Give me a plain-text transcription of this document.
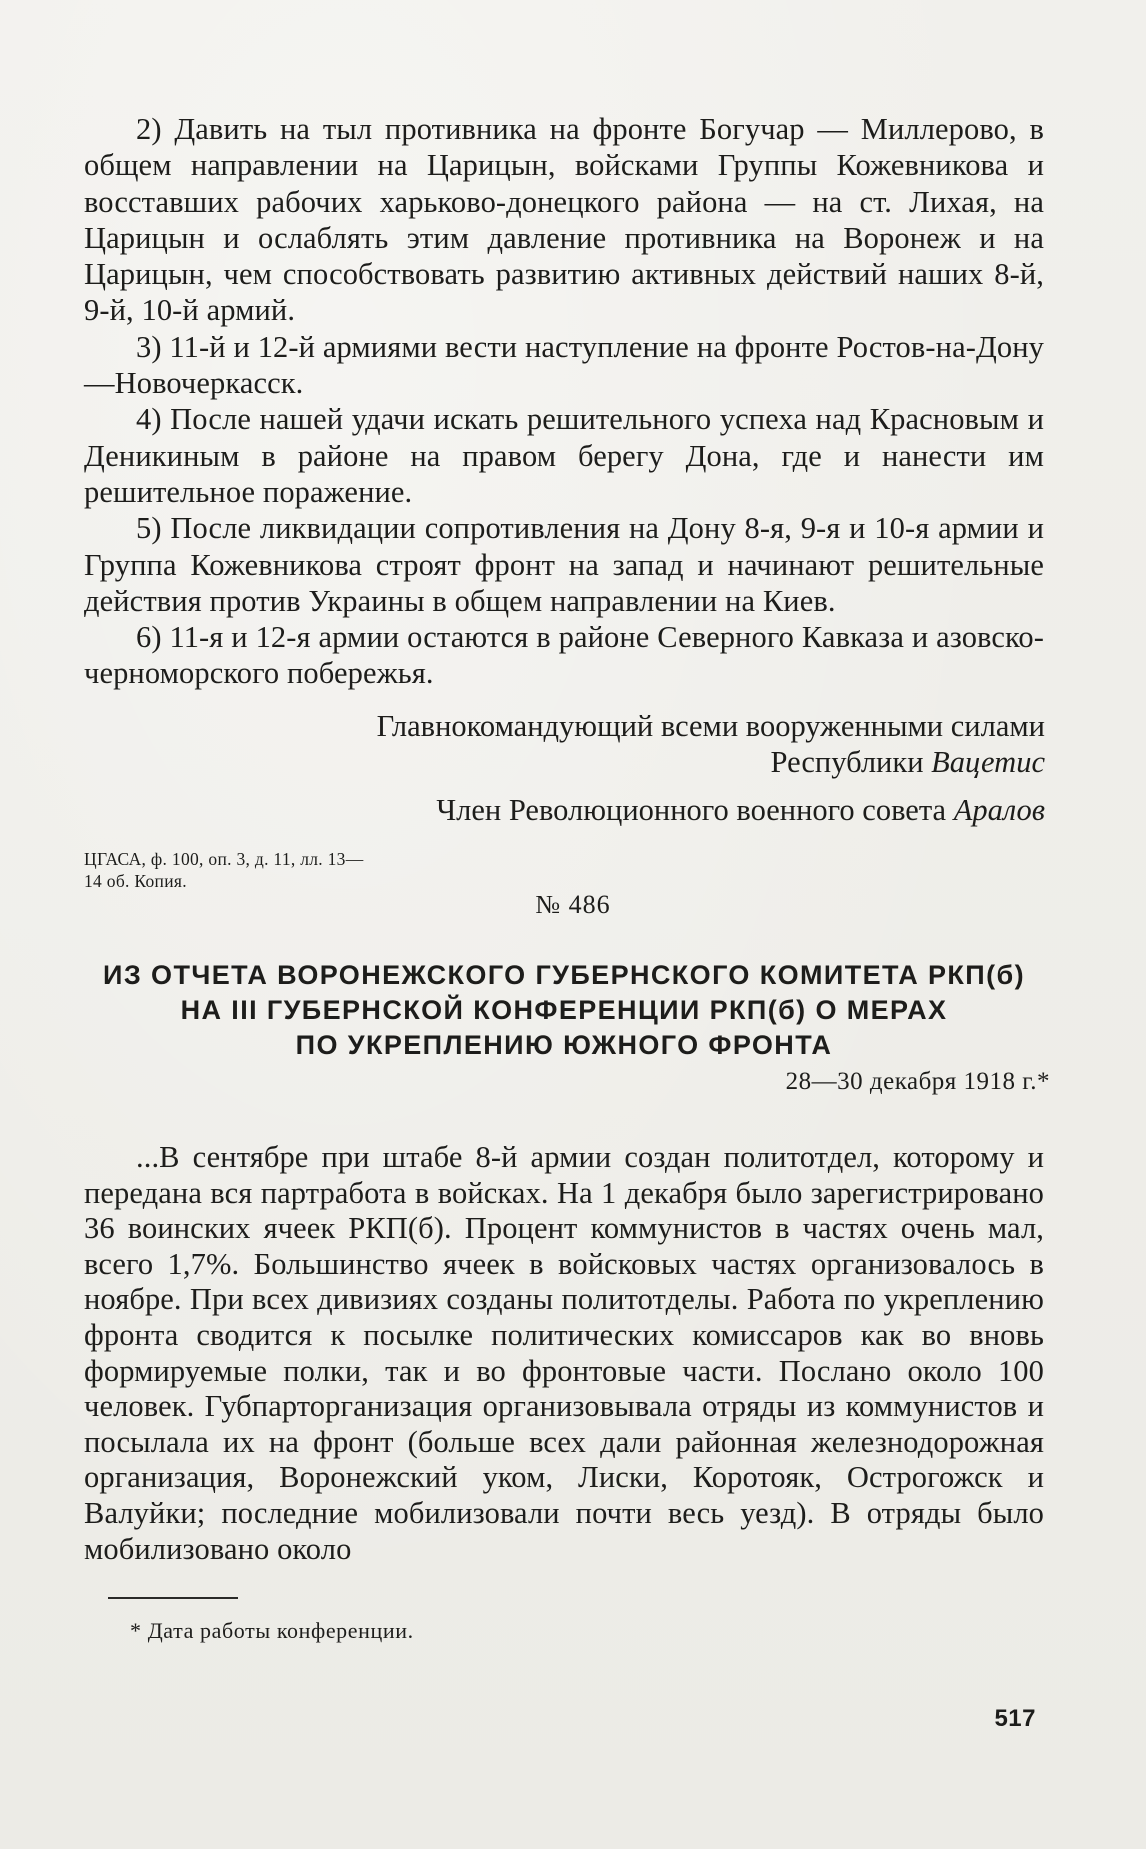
2) Давить на тыл противника на фронте Богучар — Миллерово, в общем направлении на Царицын, войсками Группы Кожевникова и восставших рабочих харьково-донецкого района — на ст. Лихая, на Царицын и ослаблять этим давление противника на Воронеж и на Царицын, чем способствовать развитию активных действий наших 8-й, 9-й, 10-й армий.

3) 11-й и 12-й армиями вести наступление на фронте Ростов-на-Дону—Новочеркасск.

4) После нашей удачи искать решительного успеха над Красновым и Деникиным в районе на правом берегу Дона, где и нанести им решительное поражение.

5) После ликвидации сопротивления на Дону 8-я, 9-я и 10-я армии и Группа Кожевникова строят фронт на запад и начинают решительные действия против Украины в общем направлении на Киев.

6) 11-я и 12-я армии остаются в районе Северного Кавказа и азовско-черноморского побережья.

Главнокомандующий всеми вооруженными силами
Республики Вацетис
Член Революционного военного совета Аралов
ЦГАСА, ф. 100, оп. 3, д. 11, лл. 13—
14 об. Копия.
№ 486
ИЗ ОТЧЕТА ВОРОНЕЖСКОГО ГУБЕРНСКОГО КОМИТЕТА РКП(б)
НА III ГУБЕРНСКОЙ КОНФЕРЕНЦИИ РКП(б) О МЕРАХ
ПО УКРЕПЛЕНИЮ ЮЖНОГО ФРОНТА
28—30 декабря 1918 г.*

...В сентябре при штабе 8-й армии создан политотдел, которому и передана вся партработа в войсках. На 1 декабря было зарегистрировано 36 воинских ячеек РКП(б). Процент коммунистов в частях очень мал, всего 1,7%. Большинство ячеек в войсковых частях организовалось в ноябре. При всех дивизиях созданы политотделы. Работа по укреплению фронта сводится к посылке политических комиссаров как во вновь формируемые полки, так и во фронтовые части. Послано около 100 человек. Губпарторганизация организовывала отряды из коммунистов и посылала их на фронт (больше всех дали районная железнодорожная организация, Воронежский уком, Лиски, Коротояк, Острогожск и Валуйки; последние мобилизовали почти весь уезд). В отряды было мобилизовано около

* Дата работы конференции.
517
